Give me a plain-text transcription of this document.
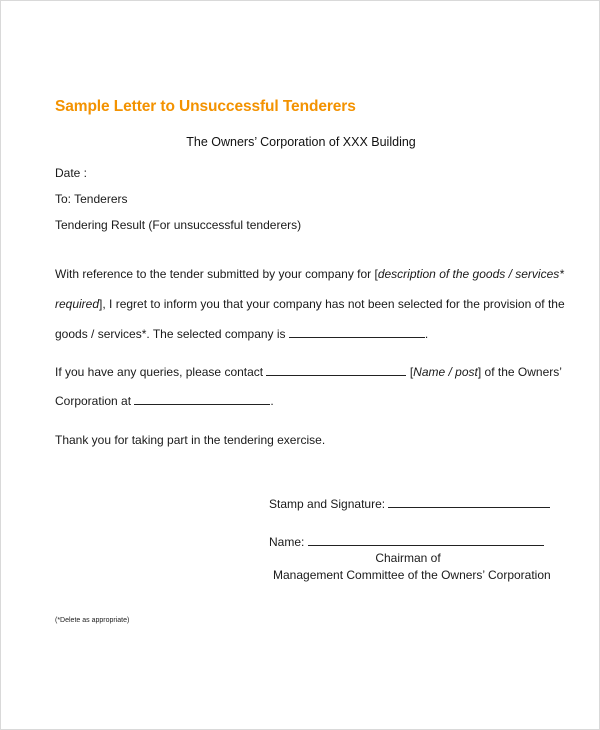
Sample Letter to Unsuccessful Tenderers
The Owners’ Corporation of XXX Building
Date :
To: Tenderers
Tendering Result (For unsuccessful tenderers)
With reference to the tender submitted by your company for [description of the goods / services*
required], I regret to inform you that your company has not been selected for the provision of the
goods / services*. The selected company is	.
If you have any queries, please contact	[Name / post] of the Owners’
Corporation at	.
Thank you for taking part in the tendering exercise.
Stamp and Signature:
Name:
Chairman of
Management Committee of the Owners’ Corporation
(*Delete as appropriate)
